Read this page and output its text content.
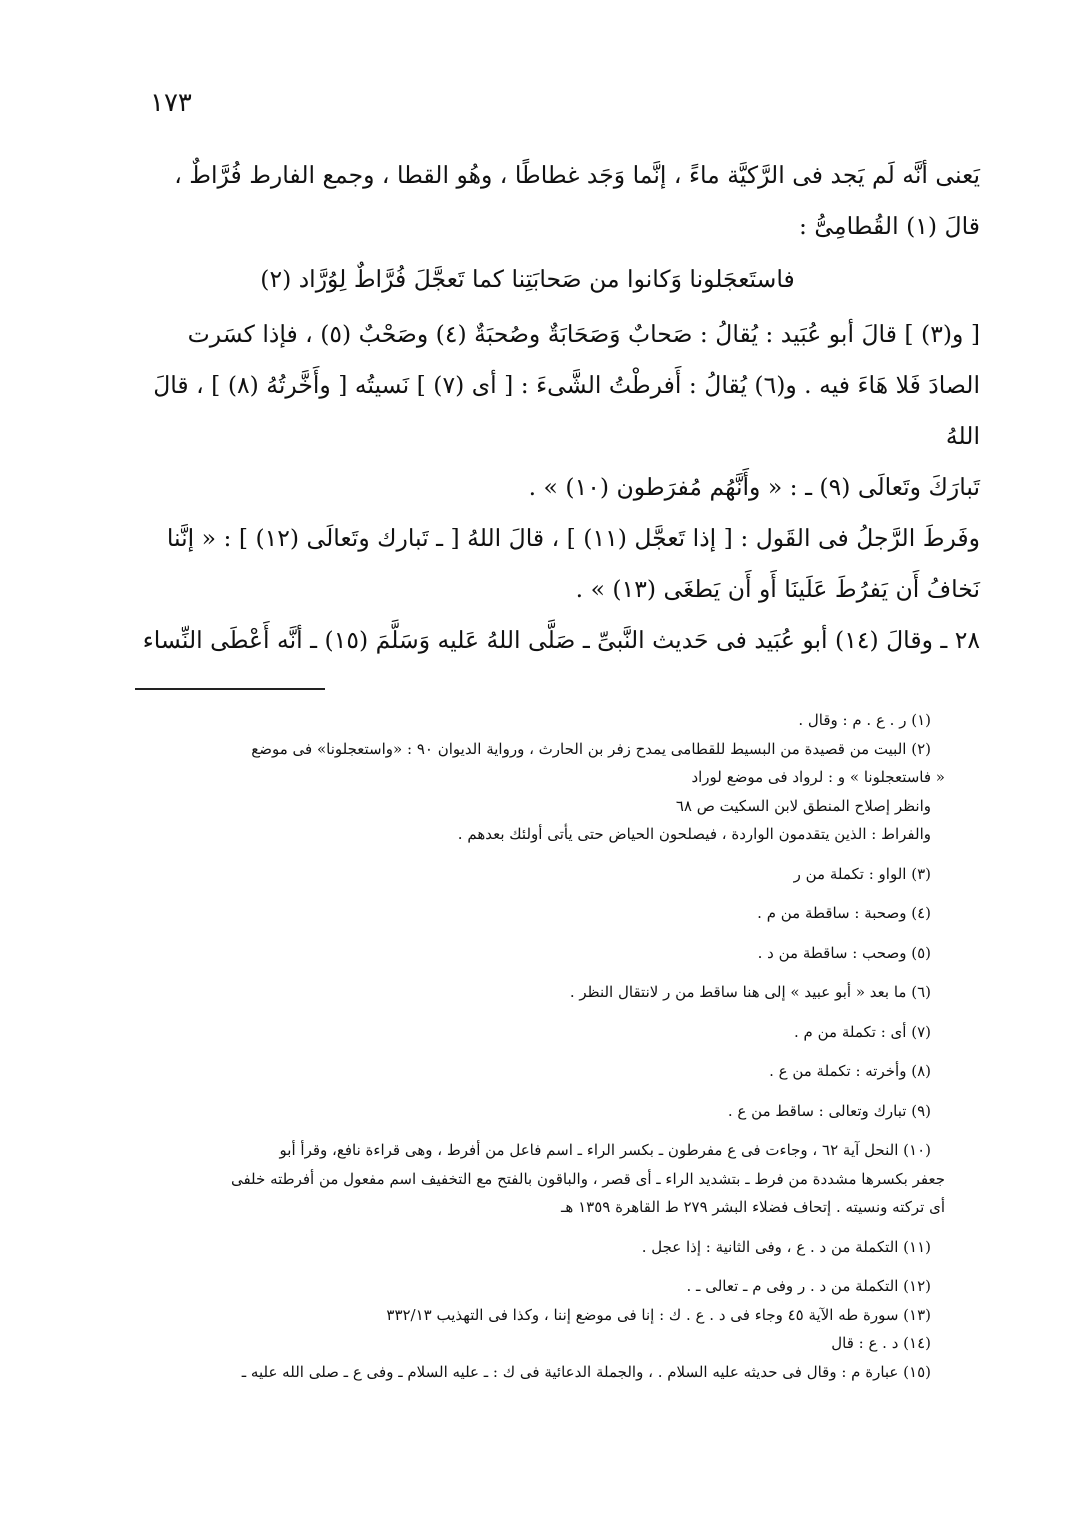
١٧٣

يَعنى أنَّه لَم يَجد فى الرَّكيَّة ماءً ، إنَّما وَجَد غطاطًا ، وهُو القطا ، وجمع الفارط فُرَّاطٌ ،

قالَ (١) القُطامِىُّ :

فاستَعجَلونا وَكانوا من صَحابَتِنا كما تَعجَّلَ فُرَّاطٌ لِوُرَّاد (٢)

[ و(٣) ] قالَ أبو عُبَيد : يُقالُ : صَحابٌ وَصَحَابَةٌ وصُحبَةٌ (٤) وصَحْبٌ (٥) ، فإذا كسَرت

الصادَ فَلا هَاءَ فيه . و(٦) يُقالُ : أَفرطْتُ الشَّىءَ : [ أى (٧) ] نَسيتُه [ وأَخَّرتُهُ (٨) ] ، قالَ اللهُ

تَبارَكَ وتَعالَى (٩) ـ : « وأَنَّهُم مُفرَطون (١٠) » .

وفَرطَ الرَّجلُ فى القَول : [ إذا تَعجَّل (١١) ] ، قالَ اللهُ [ ـ تَبارك وتَعالَى (١٢) ] : « إنَّنا

نَخافُ أَن يَفرُطَ عَلَينَا أَو أَن يَطغَى (١٣) » .

٢٨ ـ وقالَ (١٤) أبو عُبَيد فى حَديث النَّبىِّ ـ صَلَّى اللهُ عَليه وَسَلَّمَ (١٥) ـ أنَّه أَعْطَى النِّساء

(١) ر . ع . م : وقال .

(٢) البيت من قصيدة من البسيط للقطامى يمدح زفر بن الحارث ، ورواية الديوان ٩٠ : «واستعجلونا» فى موضع

« فاستعجلونا » و : لرواد فى موضع لوراد

وانظر إصلاح المنطق لابن السكيت ص ٦٨

والفراط : الذين يتقدمون الواردة ، فيصلحون الحياض حتى يأتى أولئك بعدهم .

(٣) الواو : تكملة من ر

(٤) وصحبة : ساقطة من م .

(٥) وصحب : ساقطة من د .

(٦) ما بعد « أبو عبيد » إلى هنا ساقط من ر لانتقال النظر .

(٧) أى : تكملة من م .

(٨) وأخرته : تكملة من ع .

(٩) تبارك وتعالى : ساقط من ع .

(١٠) النحل آية ٦٢ ، وجاءت فى ع مفرطون ـ بكسر الراء ـ اسم فاعل من أفرط ، وهى قراءة نافع، وقرأ أبو

جعفر بكسرها مشددة من فرط ـ بتشديد الراء ـ أى قصر ، والباقون بالفتح مع التخفيف اسم مفعول من أفرطته خلفى

أى تركته ونسيته . إتحاف فضلاء البشر ٢٧٩ ط القاهرة ١٣٥٩ هـ

(١١) التكملة من د . ع ، وفى الثانية : إذا عجل .

(١٢) التكملة من د . ر وفى م ـ تعالى ـ .

(١٣) سورة طه الآية ٤٥ وجاء فى د . ع . ك : إنا فى موضع إننا ، وكذا فى التهذيب ٣٣٢/١٣

(١٤) د . ع : قال

(١٥) عبارة م : وقال فى حديثه عليه السلام . ، والجملة الدعائية فى ك : ـ عليه السلام ـ وفى ع ـ صلى الله عليه ـ
